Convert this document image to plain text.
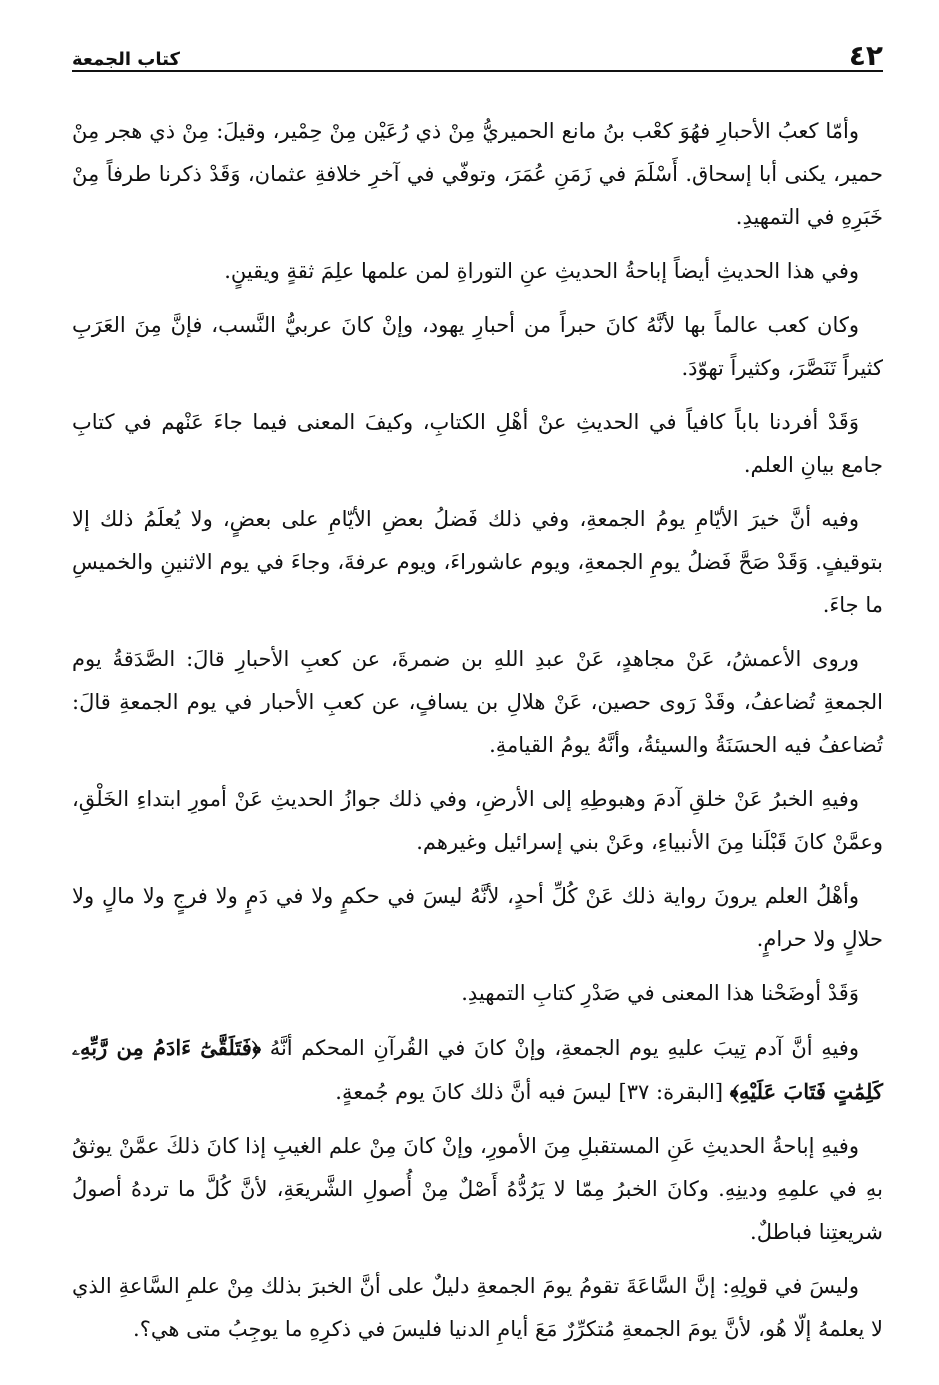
٤٢
كتاب الجمعة

وأمّا كعبُ الأحبارِ فهُوَ كعْب بنُ مانع الحميريُّ مِنْ ذي رُعَيْن مِنْ حِمْير، وقيلَ: مِنْ ذي هجر مِنْ حمير، يكنى أبا إسحاق. أَسْلَمَ في زَمَنِ عُمَرَ، وتوفّي في آخرِ خلافةِ عثمان، وَقَدْ ذكرنا طرفاً مِنْ خَبَرِهِ في التمهيدِ.

وفي هذا الحديثِ أيضاً إباحةُ الحديثِ عنِ التوراةِ لمن علمها علِمَ ثقةٍ ويقينٍ.

وكان كعب عالماً بها لأنَّهُ كانَ حبراً من أحبارِ يهود، وإنْ كانَ عربيُّ النَّسب، فإنَّ مِنَ العَرَبِ كثيراً تَنَصَّرَ، وكثيراً تهوّدَ.

وَقَدْ أفردنا باباً كافياً في الحديثِ عنْ أهْلِ الكتابِ، وكيفَ المعنى فيما جاءَ عَنْهم في كتابِ جامع بيانِ العلم.

وفيه أنَّ خيرَ الأيّامِ يومُ الجمعةِ، وفي ذلك فَضلُ بعضِ الأيّامِ على بعضٍ، ولا يُعلَمُ ذلك إلا بتوقيفٍ. وَقَدْ صَحَّ فَضلُ يومِ الجمعةِ، ويوم عاشوراءَ، ويوم عرفةَ، وجاءَ في يوم الاثنينِ والخميسِ ما جاءَ.

وروى الأعمشُ، عَنْ مجاهدٍ، عَنْ عبدِ اللهِ بن ضمرةَ، عن كعبِ الأحبارِ قالَ: الصَّدَقةُ يوم الجمعةِ تُضاعفُ، وقَدْ رَوى حصين، عَنْ هلالِ بن يسافٍ، عن كعبِ الأحبار في يوم الجمعةِ قالَ: تُضاعفُ فيه الحسَنَةُ والسيئةُ، وأنَّهُ يومُ القيامةِ.

وفيهِ الخبرُ عَنْ خلقِ آدمَ وهبوطِهِ إلى الأرضِ، وفي ذلك جوازُ الحديثِ عَنْ أمورِ ابتداءِ الخَلْقِ، وعمَّنْ كانَ قَبْلَنا مِنَ الأنبياءِ، وعَنْ بني إسرائيل وغيرهم.

وأهْلُ العلم يرونَ رواية ذلك عَنْ كُلِّ أحدٍ، لأنَّهُ ليسَ في حكمٍ ولا في دَمٍ ولا فرجٍ ولا مالٍ ولا حلالٍ ولا حرامٍ.

وَقَدْ أوضَحْنا هذا المعنى في صَدْرِ كتابِ التمهيدِ.

وفيهِ أنَّ آدم تِيبَ عليهِ يوم الجمعةِ، وإنْ كانَ في القُرآنِ المحكم أنَّهُ ﴿فَتَلَقَّىٰٓ ءَادَمُ مِن رَّبِّهِۦ كَلِمَٰتٍ فَتَابَ عَلَيْهِ﴾ [البقرة: ٣٧] ليسَ فيه أنَّ ذلك كانَ يوم جُمعةٍ.

وفيهِ إباحةُ الحديثِ عَنِ المستقبلِ مِنَ الأمورِ، وإنْ كانَ مِنْ علم الغيبِ إذا كانَ ذلكَ عمَّنْ يوثقُ بهِ في علمِهِ ودينِهِ. وكانَ الخبرُ مِمّا لا يَرُدُّهُ أَصْلٌ مِنْ أُصولِ الشَّريعَةِ، لأنَّ كُلَّ ما تردهُ أصولُ شريعتِنا فباطلٌ.

وليسَ في قولِهِ: إنَّ السَّاعَةَ تقومُ يومَ الجمعةِ دليلٌ على أنَّ الخبرَ بذلك مِنْ علمِ السَّاعةِ الذي لا يعلمهُ إلّا هُو، لأنَّ يومَ الجمعةِ مُتكرِّرٌ مَعَ أيامِ الدنيا فليسَ في ذكرِهِ ما يوجِبُ متى هي؟.
